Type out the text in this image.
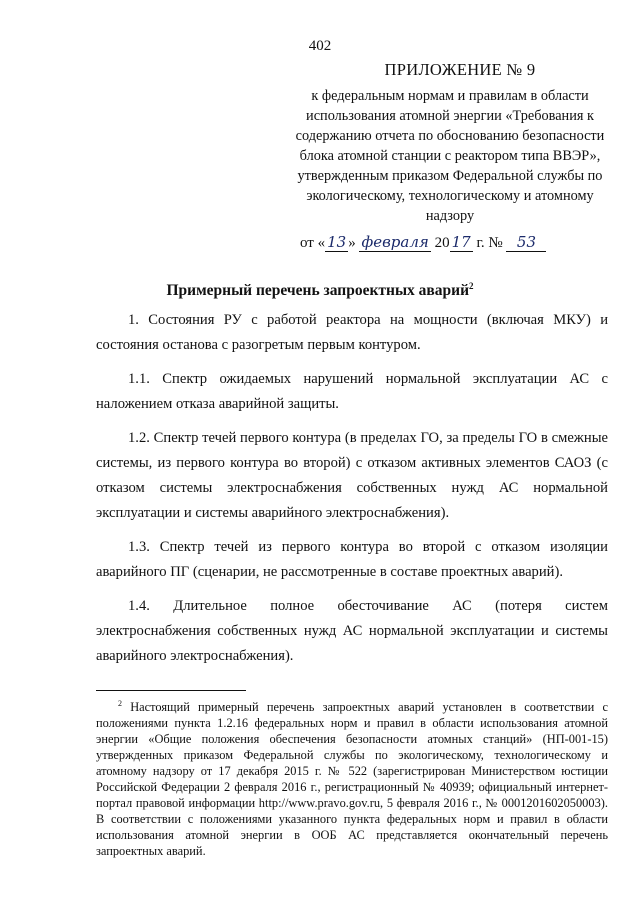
402
ПРИЛОЖЕНИЕ № 9
к федеральным нормам и правилам в области использования атомной энергии «Требования к содержанию отчета по обоснованию безопасности блока атомной станции с реактором типа ВВЭР», утвержденным приказом Федеральной службы по экологическому, технологическому и атомному надзору
от « 13 » февраля 20 17 г. № 53
Примерный перечень запроектных аварий$^2$

1. Состояния РУ с работой реактора на мощности (включая МКУ) и состояния останова с разогретым первым контуром.

1.1. Спектр ожидаемых нарушений нормальной эксплуатации АС с наложением отказа аварийной защиты.

1.2. Спектр течей первого контура (в пределах ГО, за пределы ГО в смежные системы, из первого контура во второй) с отказом активных элементов САОЗ (с отказом системы электроснабжения собственных нужд АС нормальной эксплуатации и системы аварийного электроснабжения).

1.3. Спектр течей из первого контура во второй с отказом изоляции аварийного ПГ (сценарии, не рассмотренные в составе проектных аварий).

1.4. Длительное полное обесточивание АС (потеря систем электроснабжения собственных нужд АС нормальной эксплуатации и системы аварийного электроснабжения).

$^2$ Настоящий примерный перечень запроектных аварий установлен в соответствии с положениями пункта 1.2.16 федеральных норм и правил в области использования атомной энергии «Общие положения обеспечения безопасности атомных станций» (НП-001-15) утвержденных приказом Федеральной службы по экологическому, технологическому и атомному надзору от 17 декабря 2015 г. № 522 (зарегистрирован Министерством юстиции Российской Федерации 2 февраля 2016 г., регистрационный № 40939; официальный интернет-портал правовой информации http://www.pravo.gov.ru, 5 февраля 2016 г., № 0001201602050003). В соответствии с положениями указанного пункта федеральных норм и правил в области использования атомной энергии в ООБ АС представляется окончательный перечень запроектных аварий.
